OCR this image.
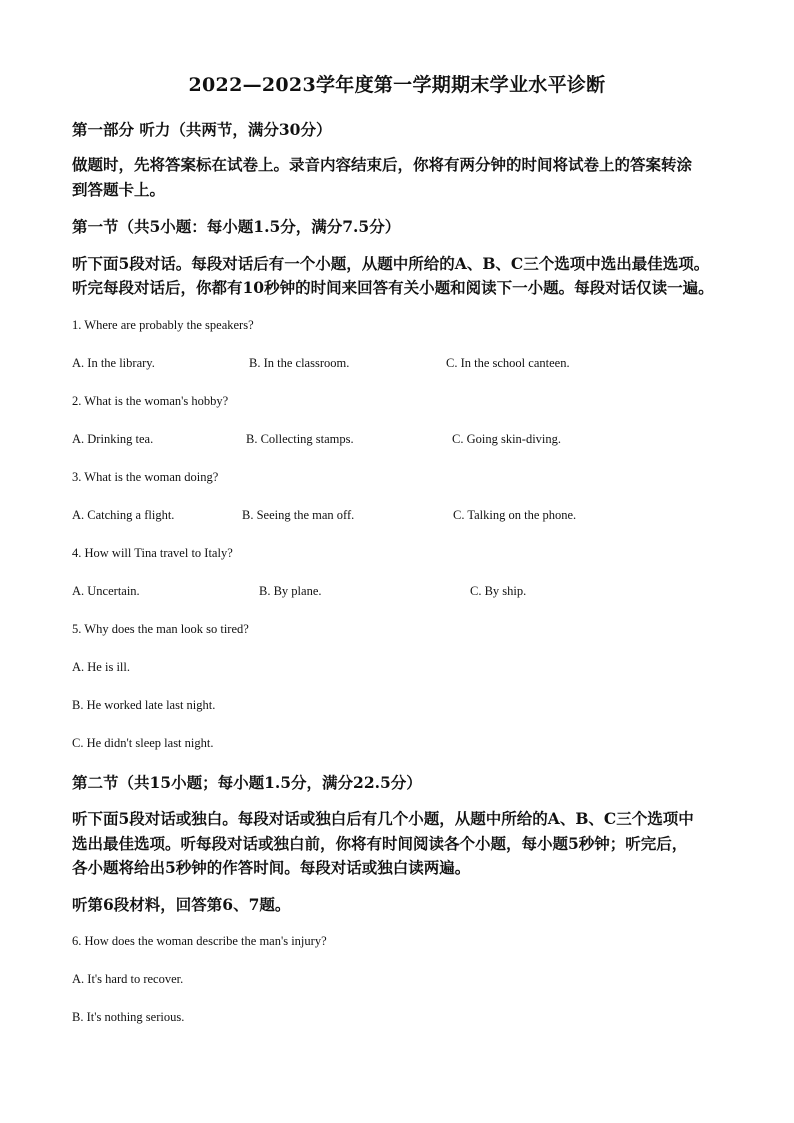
2022—2023学年度第一学期期末学业水平诊断
第一部分 听力（共两节，满分30分）
做题时，先将答案标在试卷上。录音内容结束后，你将有两分钟的时间将试卷上的答案转涂
到答题卡上。
第一节（共5小题：每小题1.5分，满分7.5分）
听下面5段对话。每段对话后有一个小题，从题中所给的A、B、C三个选项中选出最佳选项。
听完每段对话后，你都有10秒钟的时间来回答有关小题和阅读下一小题。每段对话仅读一遍。
1. Where are probably the speakers?
A. In the library.	B. In the classroom.	C. In the school canteen.
2. What is the woman's hobby?
A. Drinking tea.	B. Collecting stamps.	C. Going skin-diving.
3. What is the woman doing?
A. Catching a flight.	B. Seeing the man off.	C. Talking on the phone.
4. How will Tina travel to Italy?
A. Uncertain.	B. By plane.	C. By ship.
5. Why does the man look so tired?
A. He is ill.
B. He worked late last night.
C. He didn't sleep last night.
第二节（共15小题；每小题1.5分，满分22.5分）
听下面5段对话或独白。每段对话或独白后有几个小题，从题中所给的A、B、C三个选项中
选出最佳选项。听每段对话或独白前，你将有时间阅读各个小题，每小题5秒钟；听完后，
各小题将给出5秒钟的作答时间。每段对话或独白读两遍。
听第6段材料，回答第6、7题。
6. How does the woman describe the man's injury?
A. It's hard to recover.
B. It's nothing serious.
